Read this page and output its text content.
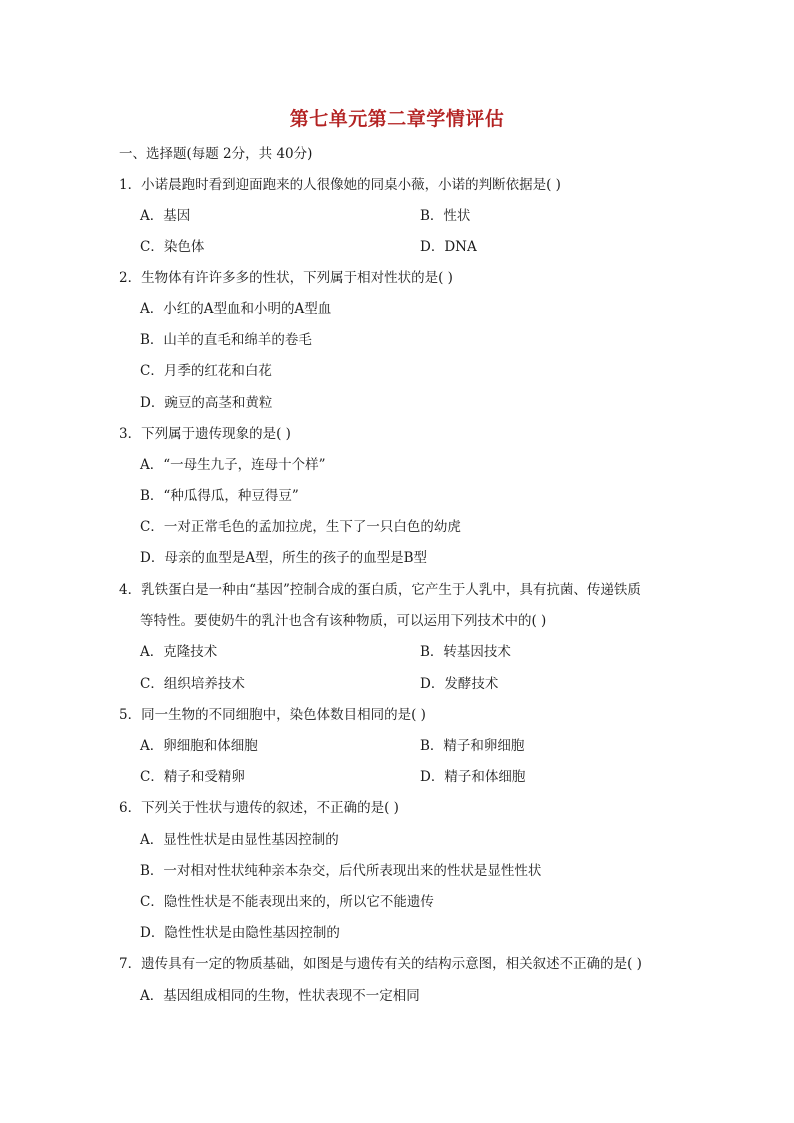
第七单元第二章学情评估
一、选择题(每题 2分，共 40分)
1．小诺晨跑时看到迎面跑来的人很像她的同桌小薇，小诺的判断依据是( )
A．基因	B．性状
C．染色体	D．DNA
2．生物体有许许多多的性状，下列属于相对性状的是( )
A．小红的A型血和小明的A型血
B．山羊的直毛和绵羊的卷毛
C．月季的红花和白花
D．豌豆的高茎和黄粒
3．下列属于遗传现象的是( )
A．“一母生九子，连母十个样”
B．“种瓜得瓜，种豆得豆”
C．一对正常毛色的孟加拉虎，生下了一只白色的幼虎
D．母亲的血型是A型，所生的孩子的血型是B型
4．乳铁蛋白是一种由“基因”控制合成的蛋白质，它产生于人乳中，具有抗菌、传递铁质
等特性。要使奶牛的乳汁也含有该种物质，可以运用下列技术中的( )
A．克隆技术	B．转基因技术
C．组织培养技术	D．发酵技术
5．同一生物的不同细胞中，染色体数目相同的是( )
A．卵细胞和体细胞	B．精子和卵细胞
C．精子和受精卵	D．精子和体细胞
6．下列关于性状与遗传的叙述，不正确的是( )
A．显性性状是由显性基因控制的
B．一对相对性状纯种亲本杂交，后代所表现出来的性状是显性性状
C．隐性性状是不能表现出来的，所以它不能遗传
D．隐性性状是由隐性基因控制的
7．遗传具有一定的物质基础，如图是与遗传有关的结构示意图，相关叙述不正确的是( )
A．基因组成相同的生物，性状表现不一定相同
